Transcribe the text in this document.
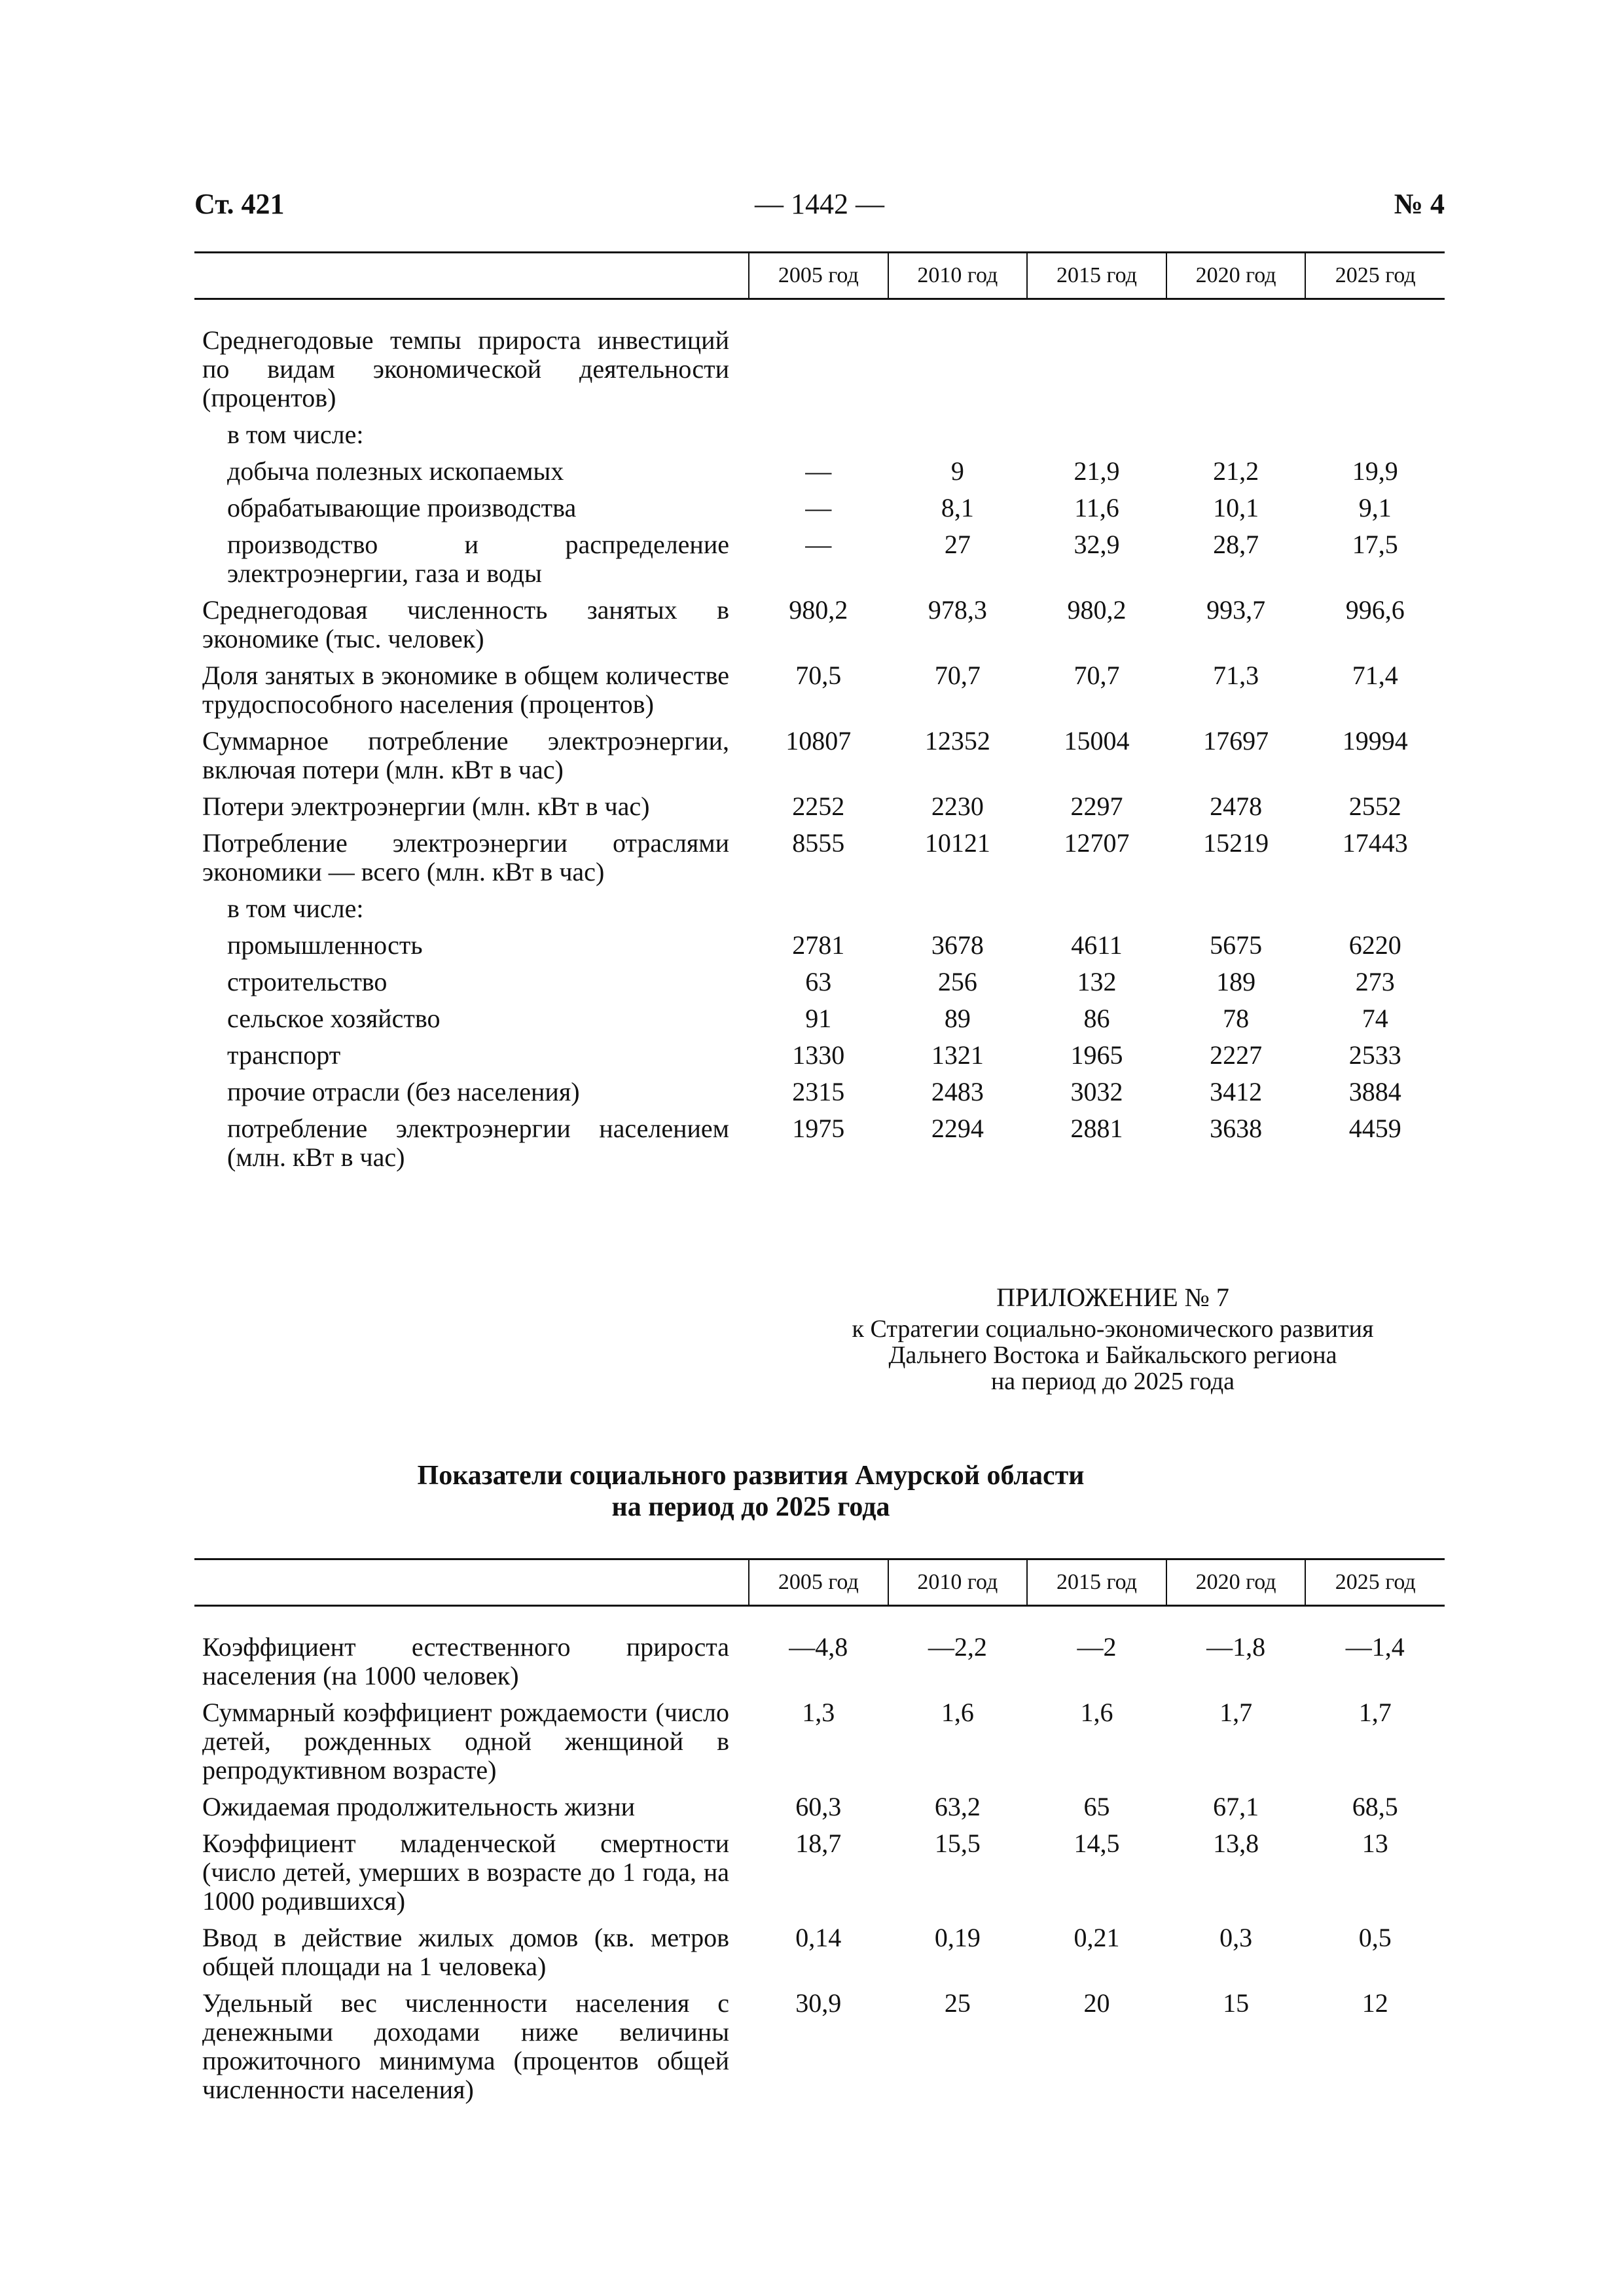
Ст. 421	— 1442 —	№ 4
	2005 год	2010 год	2015 год	2020 год	2025 год

Среднегодовые темпы прироста инвестиций по видам экономической деятельности (процентов)					
в том числе:					
добыча полезных ископаемых	—	9	21,9	21,2	19,9
обрабатывающие производства	—	8,1	11,6	10,1	9,1
производство и распределение электроэнергии, газа и воды	—	27	32,9	28,7	17,5
Среднегодовая численность занятых в экономике (тыс. человек)	980,2	978,3	980,2	993,7	996,6
Доля занятых в экономике в общем количестве трудоспособного населения (процентов)	70,5	70,7	70,7	71,3	71,4
Суммарное потребление электроэнергии, включая потери (млн. кВт в час)	10807	12352	15004	17697	19994
Потери электроэнергии (млн. кВт в час)	2252	2230	2297	2478	2552
Потребление электроэнергии отраслями экономики — всего (млн. кВт в час)	8555	10121	12707	15219	17443
в том числе:					
промышленность	2781	3678	4611	5675	6220
строительство	63	256	132	189	273
сельское хозяйство	91	89	86	78	74
транспорт	1330	1321	1965	2227	2533
прочие отрасли (без населения)	2315	2483	3032	3412	3884
потребление электроэнергии населением (млн. кВт в час)	1975	2294	2881	3638	4459
ПРИЛОЖЕНИЕ № 7
к Стратегии социально-экономического развития
Дальнего Востока и Байкальского региона
на период до 2025 года
Показатели социального развития Амурской области
на период до 2025 года
	2005 год	2010 год	2015 год	2020 год	2025 год

Коэффициент естественного прироста населения (на 1000 человек)	—4,8	—2,2	—2	—1,8	—1,4
Суммарный коэффициент рождаемости (число детей, рожденных одной женщиной в репродуктивном возрасте)	1,3	1,6	1,6	1,7	1,7
Ожидаемая продолжительность жизни	60,3	63,2	65	67,1	68,5
Коэффициент младенческой смертности (число детей, умерших в возрасте до 1 года, на 1000 родившихся)	18,7	15,5	14,5	13,8	13
Ввод в действие жилых домов (кв. метров общей площади на 1 человека)	0,14	0,19	0,21	0,3	0,5
Удельный вес численности населения с денежными доходами ниже величины прожиточного минимума (процентов общей численности населения)	30,9	25	20	15	12
